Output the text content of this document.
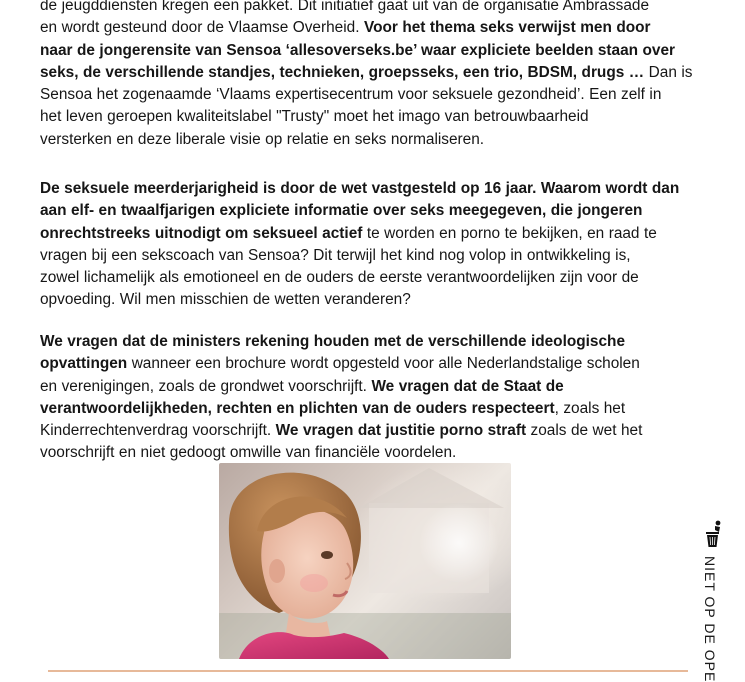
de jeugddiensten kregen een pakket. Dit initiatief gaat uit van de organisatie Ambrassade
en wordt gesteund door de Vlaamse Overheid. Voor het thema seks verwijst men door
naar de jongerensite van Sensoa ‘allesoverseks.be’ waar expliciete beelden staan over
seks, de verschillende standjes, technieken, groepsseks, een trio, BDSM, drugs … Dan is
Sensoa het zogenaamde ‘Vlaams expertisecentrum voor seksuele gezondheid’. Een zelf in
het leven geroepen kwaliteitslabel "Trusty" moet het imago van betrouwbaarheid
versterken en deze liberale visie op relatie en seks normaliseren.

De seksuele meerderjarigheid is door de wet vastgesteld op 16 jaar. Waarom wordt dan
aan elf- en twaalfjarigen expliciete informatie over seks meegegeven, die jongeren
onrechtstreeks uitnodigt om seksueel actief te worden en porno te bekijken, en raad te
vragen bij een sekscoach van Sensoa? Dit terwijl het kind nog volop in ontwikkeling is,
zowel lichamelijk als emotioneel en de ouders de eerste verantwoordelijken zijn voor de
opvoeding. Wil men misschien de wetten veranderen?

We vragen dat de ministers rekening houden met de verschillende ideologische
opvattingen wanneer een brochure wordt opgesteld voor alle Nederlandstalige scholen
en verenigingen, zoals de grondwet voorschrijft. We vragen dat de Staat de
verantwoordelijkheden, rechten en plichten van de ouders respecteert, zoals het
Kinderrechtenverdrag voorschrijft. We vragen dat justitie porno straft zoals de wet het
voorschrijft en niet gedoogt omwille van financiële voordelen.

NIET OP DE OPE
